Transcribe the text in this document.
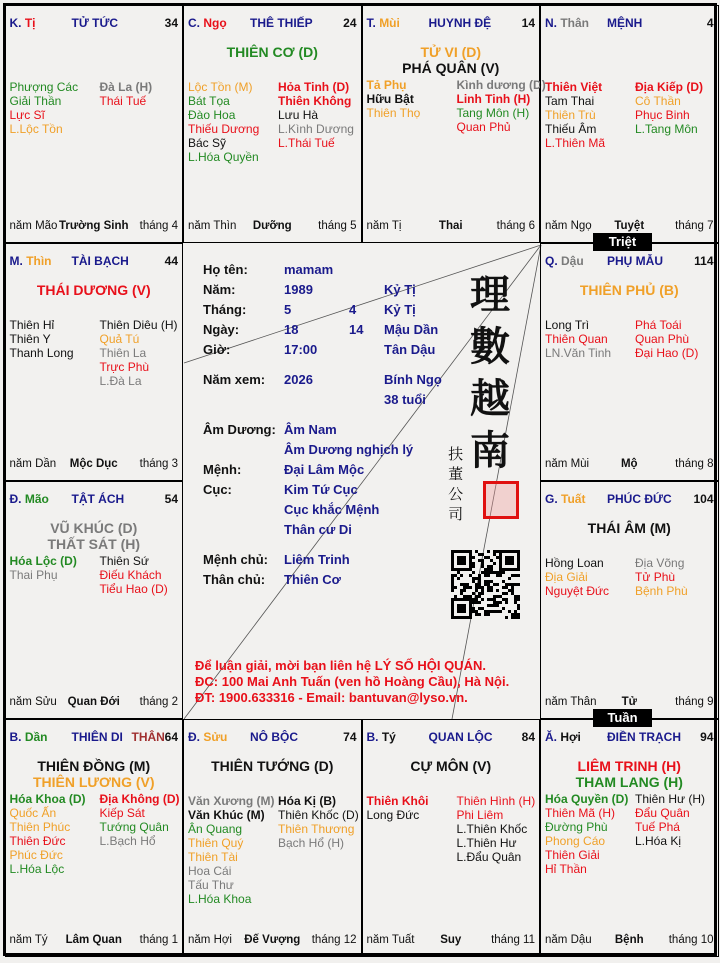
K. Tị	TỬ TỨC	34
Phượng Các
Giải Thần
Lực Sĩ
L.Lộc Tồn
Đà La (H)
Thái Tuế
năm Mão Trường Sinh tháng 4
C. Ngọ THÊ THIẾP	24
THIÊN CƠ (D)
Lộc Tồn (M)
Bát Tọa
Đào Hoa
Thiếu Dương
Bác Sỹ
L.Hóa Quyền
Hỏa Tinh (D)
Thiên Không
Lưu Hà
L.Kình Dương
L.Thái Tuế
năm Thìn	Dưỡng	tháng 5
T. Mùi HUYNH ĐỆ	14
TỬ VI (D)
PHÁ QUÂN (V)
Tả Phụ
Hữu Bật
Thiên Thọ
Kình dương (D)
Linh Tinh (H)
Tang Môn (H)
Quan Phủ
năm Tị	Thai	tháng 6
N. Thân MỆNH	4
Thiên Việt
Tam Thai
Thiên Trù
Thiếu Âm
L.Thiên Mã
Địa Kiếp (D)
Cô Thần
Phục Binh
L.Tang Môn
năm Ngọ	Tuyệt	tháng 7
M. Thìn TÀI BẠCH	44
THÁI DƯƠNG (V)
Thiên Hỉ
Thiên Y
Thanh Long
Thiên Diêu (H)
Quả Tú
Thiên La
Trực Phù
L.Đà La
năm Dần	Mộc Dục	tháng 3
Q. Dậu PHỤ MẪU	114
THIÊN PHỦ (B)
Long Trì
Thiên Quan
LN.Văn Tinh
Phá Toái
Quan Phù
Đại Hao (D)
năm Mùi	Mộ	tháng 8
Đ. Mão TẬT ÁCH	54
VŨ KHÚC (D)
THẤT SÁT (H)
Hóa Lộc (D)
Thai Phụ
Thiên Sứ
Điếu Khách
Tiểu Hao (D)
năm Sửu Quan Đới	tháng 2
G. Tuất PHÚC ĐỨC 104
THÁI ÂM (M)
Hồng Loan
Địa Giải
Nguyệt Đức
Địa Võng
Tử Phù
Bệnh Phù
năm Thân	Tử	tháng 9
B. Dần THIÊN DI THÂN 64
THIÊN ĐỒNG (M)
THIÊN LƯƠNG (V)
Hóa Khoa (D)
Quốc Ấn
Thiên Phúc
Thiên Đức
Phúc Đức
L.Hóa Lộc
Địa Không (D)
Kiếp Sát
Tướng Quân
L.Bạch Hổ
năm Tý	Lâm Quan	tháng 1
Đ. Sửu NÔ BỘC	74
THIÊN TƯỚNG (D)
Văn Xương (M)
Văn Khúc (M)
Ân Quang
Thiên Quý
Thiên Tài
Hoa Cái
Tấu Thư
L.Hóa Khoa
Hóa Kị (B)
Thiên Khốc (D)
Thiên Thương
Bạch Hổ (H)
năm Hợi	Đế Vượng tháng 12
B. Tý	QUAN LỘC 84
CỰ MÔN (V)
Thiên Khôi
Long Đức
Thiên Hình (H)
Phi Liêm
L.Thiên Khốc
L.Thiên Hư
L.Đẩu Quân
năm Tuất	Suy	tháng 11
Ă. Hợi ĐIỀN TRẠCH 94
LIÊM TRINH (H)
THAM LANG (H)
Hóa Quyền (D)
Thiên Mã (H)
Đường Phù
Phong Cáo
Thiên Giải
Hỉ Thần
Thiên Hư (H)
Đẩu Quân
Tuế Phá
L.Hóa Kị
năm Dậu	Bệnh	tháng 10
理數越南
扶董公司
Họ tên:	mamam
Năm:	1989	Kỷ Tị
Tháng:	5	4 Kỷ Tị
Ngày:	18	14 Mậu Dần
Giờ:	17:00	Tân Dậu
Năm xem: 2026	Bính Ngọ
38 tuổi
Âm Dương: Âm Nam
Âm Dương nghịch lý
Mệnh:	Đại Lâm Mộc
Cục:	Kim Tứ Cục
Cục khắc Mệnh
Thân cư Di
Mệnh chủ: Liêm Trinh
Thân chủ: Thiên Cơ
Để luận giải, mời bạn liên hệ LÝ SỐ HỘI QUÁN.
ĐC: 100 Mai Anh Tuấn (ven hồ Hoàng Cầu), Hà Nội.
ĐT: 1900.633316 - Email: bantuvan@lyso.vn.
Triệt
Tuần
